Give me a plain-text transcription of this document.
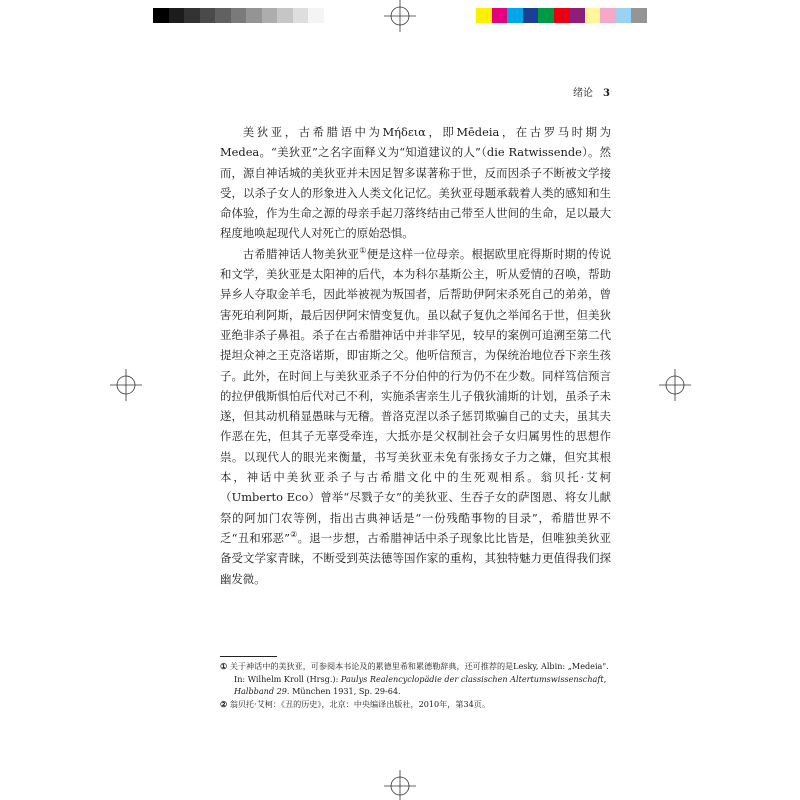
绪论 3

美狄亚，古希腊语中为Μήδεια，即Mēdeia，在古罗马时期为Medea。“美狄亚”之名字面释义为“知道建议的人”（die Ratwissende）。然而，源自神话城的美狄亚并未因足智多谋著称于世，反而因杀子不断被文学接受，以杀子女人的形象进入人类文化记忆。美狄亚母题承载着人类的感知和生命体验，作为生命之源的母亲手起刀落终结由己带至人世间的生命，足以最大程度地唤起现代人对死亡的原始恐惧。

古希腊神话人物美狄亚①便是这样一位母亲。根据欧里庇得斯时期的传说和文学，美狄亚是太阳神的后代，本为科尔基斯公主，听从爱情的召唤，帮助异乡人夺取金羊毛，因此举被视为叛国者，后帮助伊阿宋杀死自己的弟弟，曾害死珀利阿斯，最后因伊阿宋情变复仇。虽以弑子复仇之举闻名于世，但美狄亚绝非杀子鼻祖。杀子在古希腊神话中并非罕见，较早的案例可追溯至第二代提坦众神之王克洛诺斯，即宙斯之父。他听信预言，为保统治地位吞下亲生孩子。此外，在时间上与美狄亚杀子不分伯仲的行为仍不在少数。同样笃信预言的拉伊俄斯惧怕后代对己不利，实施杀害亲生儿子俄狄浦斯的计划，虽杀子未遂，但其动机稍显愚昧与无稽。普洛克涅以杀子惩罚欺骗自己的丈夫，虽其夫作恶在先，但其子无辜受牵连，大抵亦是父权制社会子女归属男性的思想作祟。以现代人的眼光来衡量，书写美狄亚未免有张扬女子力之嫌，但究其根本，神话中美狄亚杀子与古希腊文化中的生死观相系。翁贝托·艾柯（Umberto Eco）曾举“尽戮子女”的美狄亚、生吞子女的萨图恩、将女儿献祭的阿加门农等例，指出古典神话是“一份残酷事物的目录”，希腊世界不乏“丑和邪恶”②。退一步想，古希腊神话中杀子现象比比皆是，但唯独美狄亚备受文学家青睐，不断受到英法德等国作家的重构，其独特魅力更值得我们探幽发微。

① 关于神话中的美狄亚，可参阅本书论及的累德里希和累德勒辞典，还可推荐的是Lesky, Albin: „Medeia". In: Wilhelm Kroll (Hrsg.): Paulys Realencyclopädie der classischen Altertumswissenschaft, Halbband 29. München 1931, Sp. 29-64.

② 翁贝托·艾柯：《丑的历史》，北京：中央编译出版社，2010年，第34页。
